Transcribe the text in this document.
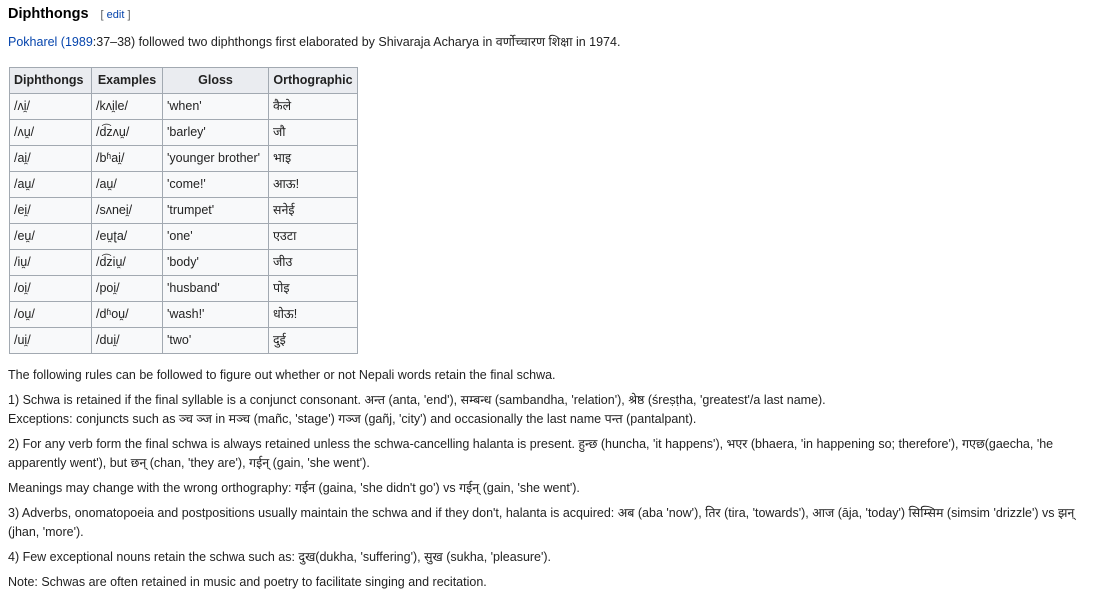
Diphthongs [ edit ]

Pokharel (1989:37–38) followed two diphthongs first elaborated by Shivaraja Acharya in वर्णोच्चारण शिक्षा in 1974.

Diphthongs	Examples	Gloss	Orthographic
/ʌi̯/	/kʌi̯le/	'when'	कैले
/ʌu̯/	/d͡zʌu̯/	'barley'	जौ
/ai̯/	/bʱai̯/	'younger brother'	भाइ
/au̯/	/au̯/	'come!'	आऊ!
/ei̯/	/sʌnei̯/	'trumpet'	सनेई
/eu̯/	/eu̯ʈa/	'one'	एउटा
/iu̯/	/d͡ziu̯/	'body'	जीउ
/oi̯/	/poi̯/	'husband'	पोइ
/ou̯/	/dʱou̯/	'wash!'	धोऊ!
/ui̯/	/dui̯/	'two'	दुई

The following rules can be followed to figure out whether or not Nepali words retain the final schwa.

1) Schwa is retained if the final syllable is a conjunct consonant. अन्त (anta, 'end'), सम्बन्ध (sambandha, 'relation'), श्रेष्ठ (śreṣṭha, 'greatest'/a last name).

Exceptions: conjuncts such as ञ्च ञ्ज in मञ्च (mañc, 'stage') गञ्ज (gañj, 'city') and occasionally the last name पन्त (pantalpant).

2) For any verb form the final schwa is always retained unless the schwa-cancelling halanta is present. हुन्छ (huncha, 'it happens'), भएर (bhaera, 'in happening so; therefore'), गएछ(gaecha, 'he

apparently went'), but छन् (chan, 'they are'), गईन् (gain, 'she went').

Meanings may change with the wrong orthography: गईन (gaina, 'she didn't go') vs गईन् (gain, 'she went').

3) Adverbs, onomatopoeia and postpositions usually maintain the schwa and if they don't, halanta is acquired: अब (aba 'now'), तिर (tira, 'towards'), आज (āja, 'today') सिम्सिम (simsim 'drizzle') vs झन्

(jhan, 'more').

4) Few exceptional nouns retain the schwa such as: दुख(dukha, 'suffering'), सुख (sukha, 'pleasure').

Note: Schwas are often retained in music and poetry to facilitate singing and recitation.
